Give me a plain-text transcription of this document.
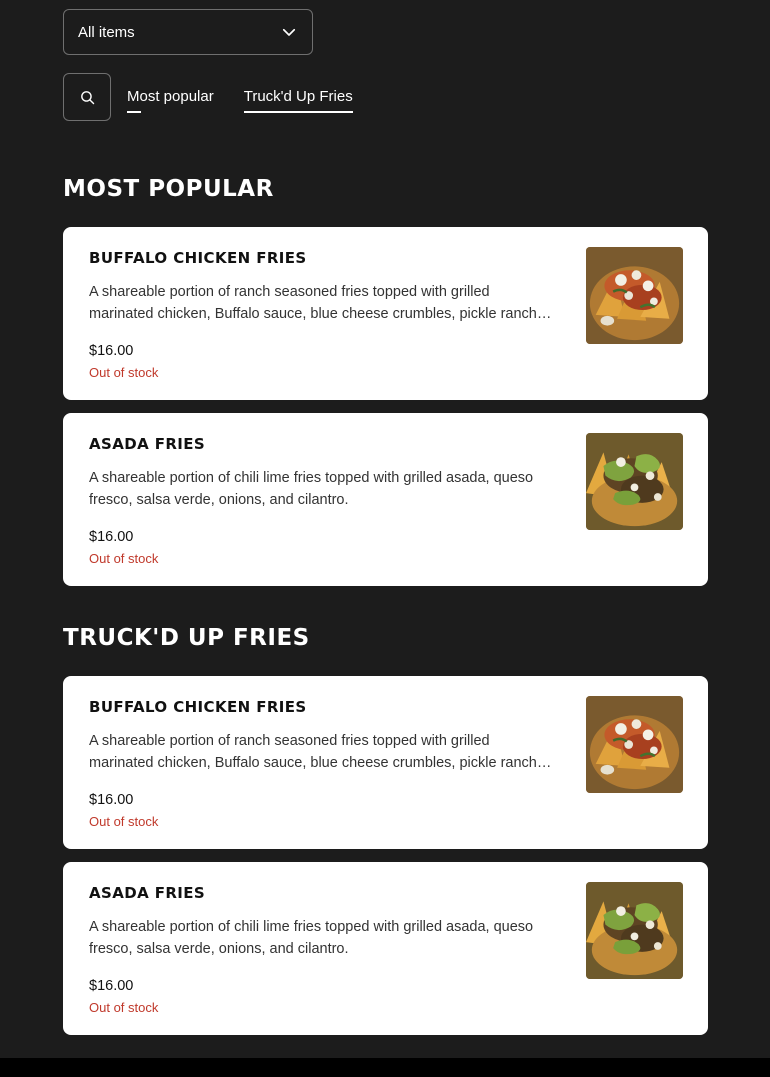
All items
Most popular Truck'd Up Fries
MOST POPULAR
BUFFALO CHICKEN FRIES
A shareable portion of ranch seasoned fries topped with grilled marinated chicken, Buffalo sauce, blue cheese crumbles, pickle ranch…
$16.00
Out of stock
ASADA FRIES
A shareable portion of chili lime fries topped with grilled asada, queso fresco, salsa verde, onions, and cilantro.
$16.00
Out of stock
TRUCK'D UP FRIES
BUFFALO CHICKEN FRIES
A shareable portion of ranch seasoned fries topped with grilled marinated chicken, Buffalo sauce, blue cheese crumbles, pickle ranch…
$16.00
Out of stock
ASADA FRIES
A shareable portion of chili lime fries topped with grilled asada, queso fresco, salsa verde, onions, and cilantro.
$16.00
Out of stock
